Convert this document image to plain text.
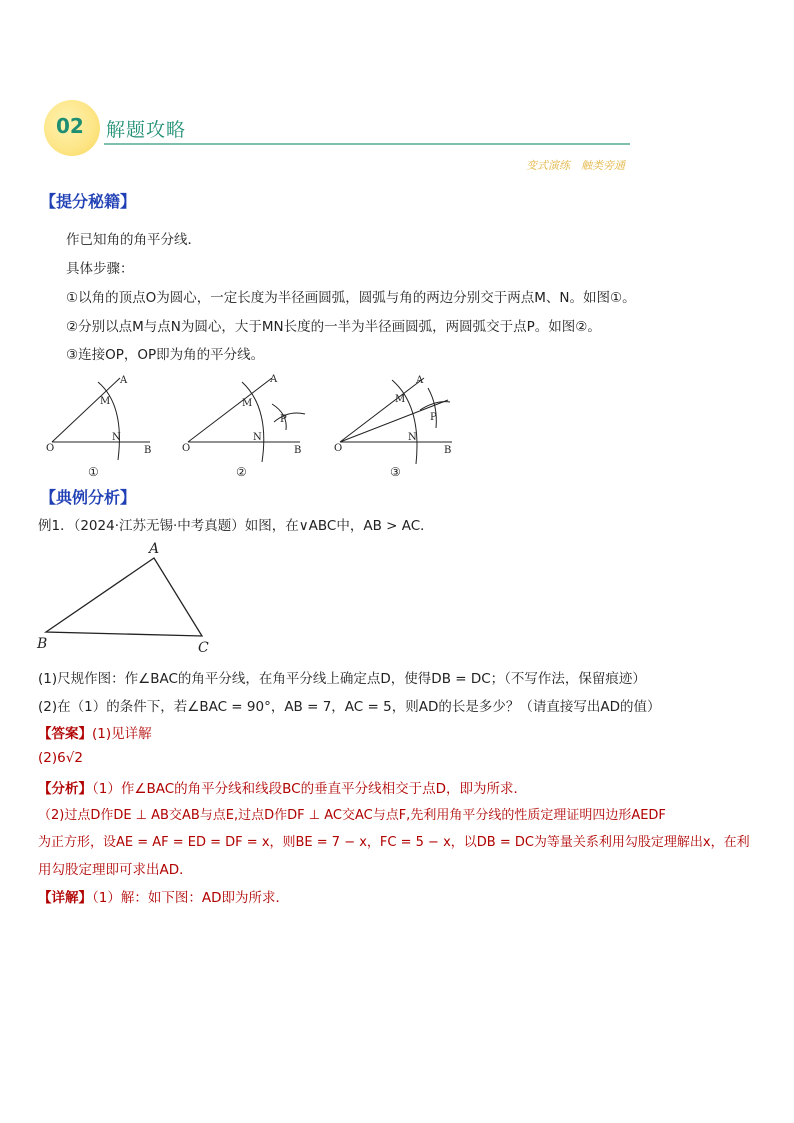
02 解题攻略
变式演练　触类旁通
【提分秘籍】
作已知角的角平分线．
具体步骤：
①以角的顶点O为圆心，一定长度为半径画圆弧，圆弧与角的两边分别交于两点M、N。如图①。
②分别以点M与点N为圆心，大于MN长度的一半为半径画圆弧，两圆弧交于点P。如图②。
③连接OP，OP即为角的平分线。
O
A
M
N
B
①
O
A
M
N
B
P
②
O
A
M
N
B
P
③
【典例分析】
例1．（2024·江苏无锡·中考真题）如图，在∨ABC中，AB > AC．
A
B	C
(1)尺规作图：作∠BAC的角平分线，在角平分线上确定点D，使得DB = DC；（不写作法，保留痕迹）
(2)在（1）的条件下，若∠BAC = 90°，AB = 7，AC = 5，则AD的长是多少？（请直接写出AD的值）
【答案】(1)见详解
(2)6√2
【分析】（1）作∠BAC的角平分线和线段BC的垂直平分线相交于点D，即为所求．
（2)过点D作DE ⊥ AB交AB与点E,过点D作DF ⊥ AC交AC与点F,先利用角平分线的性质定理证明四边形AEDF
为正方形，设AE = AF = ED = DF = x，则BE = 7 − x，FC = 5 − x，以DB = DC为等量关系利用勾股定理解出x，在利
用勾股定理即可求出AD．
【详解】（1）解：如下图：AD即为所求．
